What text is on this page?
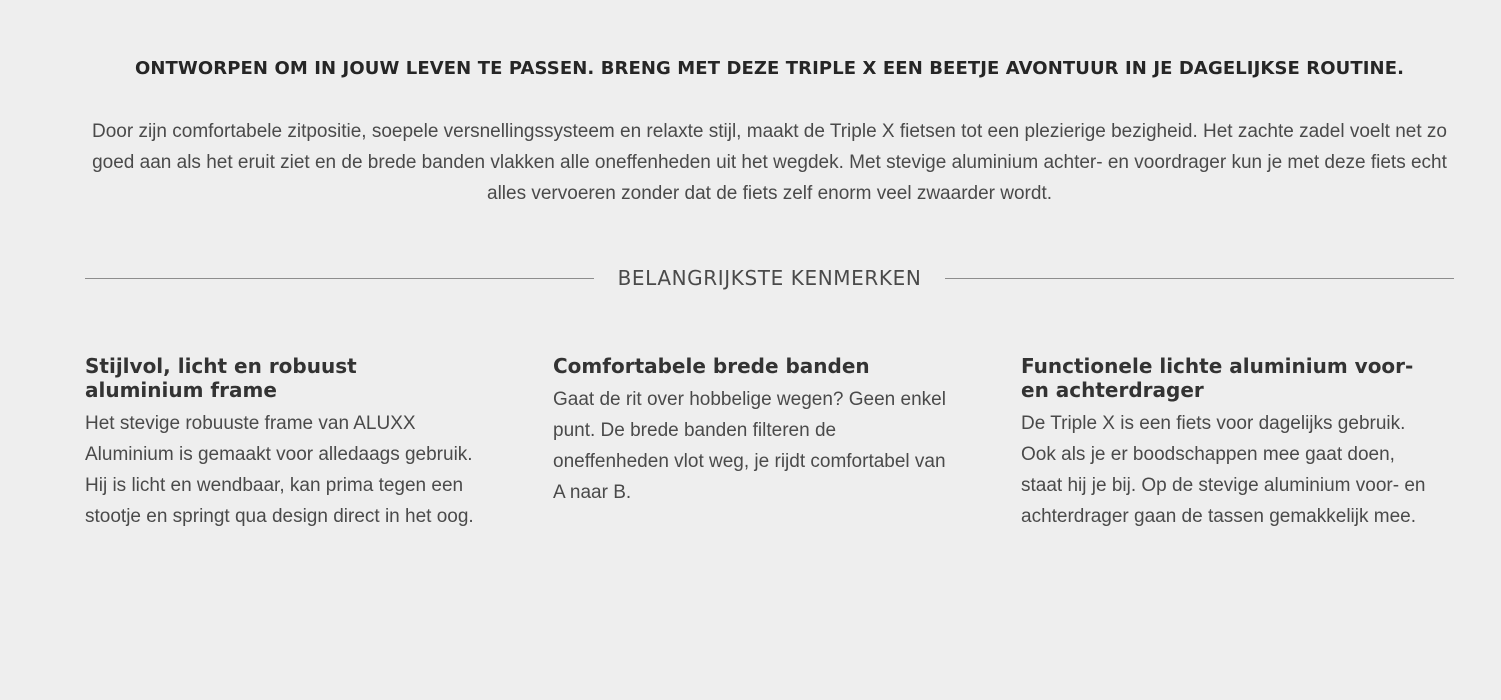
ONTWORPEN OM IN JOUW LEVEN TE PASSEN. BRENG MET DEZE TRIPLE X EEN BEETJE AVONTUUR IN JE DAGELIJKSE ROUTINE.

Door zijn comfortabele zitpositie, soepele versnellingssysteem en relaxte stijl, maakt de Triple X fietsen tot een plezierige bezigheid. Het zachte zadel voelt net zo goed aan als het eruit ziet en de brede banden vlakken alle oneffenheden uit het wegdek. Met stevige aluminium achter- en voordrager kun je met deze fiets echt alles vervoeren zonder dat de fiets zelf enorm veel zwaarder wordt.

BELANGRIJKSTE KENMERKEN
Stijlvol, licht en robuust aluminium frame

Het stevige robuuste frame van ALUXX Aluminium is gemaakt voor alledaags gebruik. Hij is licht en wendbaar, kan prima tegen een stootje en springt qua design direct in het oog.

Comfortabele brede banden

Gaat de rit over hobbelige wegen? Geen enkel punt. De brede banden filteren de oneffenheden vlot weg, je rijdt comfortabel van A naar B.

Functionele lichte aluminium voor- en achterdrager

De Triple X is een fiets voor dagelijks gebruik. Ook als je er boodschappen mee gaat doen, staat hij je bij. Op de stevige aluminium voor- en achterdrager gaan de tassen gemakkelijk mee.
